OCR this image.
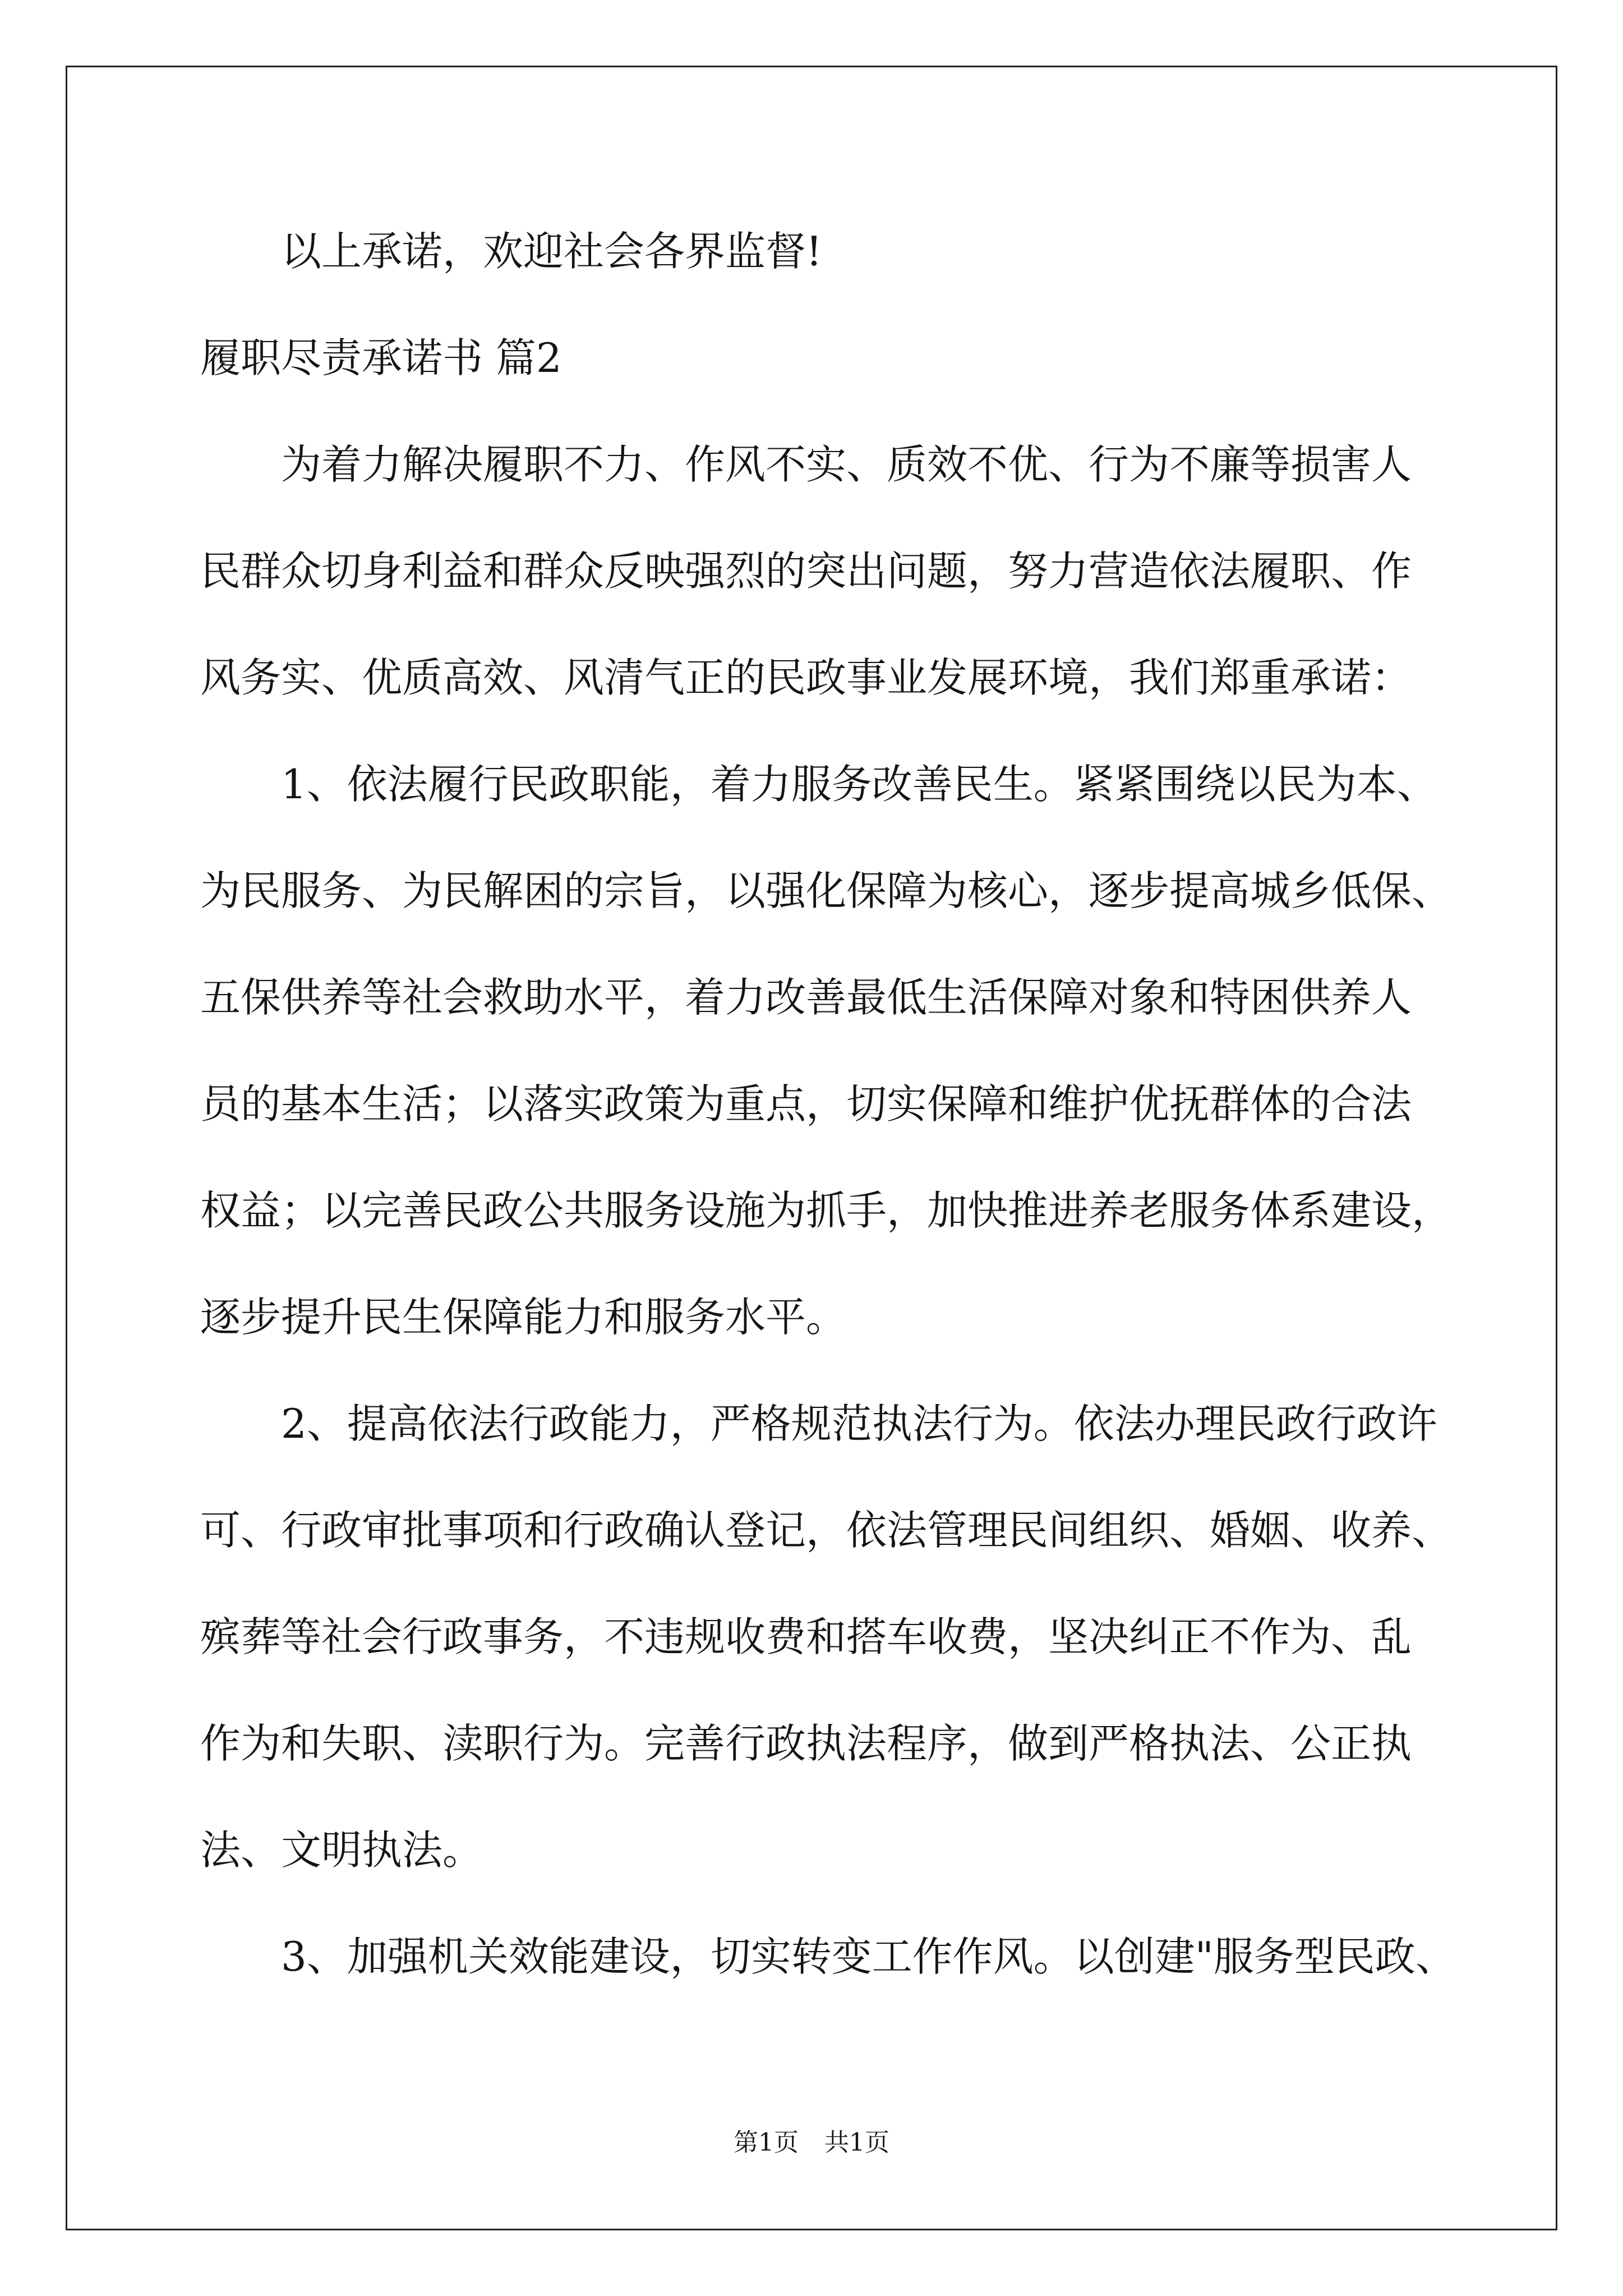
以上承诺，欢迎社会各界监督!
履职尽责承诺书 篇2
为着力解决履职不力、作风不实、质效不优、行为不廉等损害人
民群众切身利益和群众反映强烈的突出问题，努力营造依法履职、作
风务实、优质高效、风清气正的民政事业发展环境，我们郑重承诺：
1、依法履行民政职能，着力服务改善民生。紧紧围绕以民为本、
为民服务、为民解困的宗旨，以强化保障为核心，逐步提高城乡低保、
五保供养等社会救助水平，着力改善最低生活保障对象和特困供养人
员的基本生活；以落实政策为重点，切实保障和维护优抚群体的合法
权益；以完善民政公共服务设施为抓手，加快推进养老服务体系建设，
逐步提升民生保障能力和服务水平。
2、提高依法行政能力，严格规范执法行为。依法办理民政行政许
可、行政审批事项和行政确认登记，依法管理民间组织、婚姻、收养、
殡葬等社会行政事务，不违规收费和搭车收费，坚决纠正不作为、乱
作为和失职、渎职行为。完善行政执法程序，做到严格执法、公正执
法、文明执法。
3、加强机关效能建设，切实转变工作作风。以创建"服务型民政、
第1页 共1页
